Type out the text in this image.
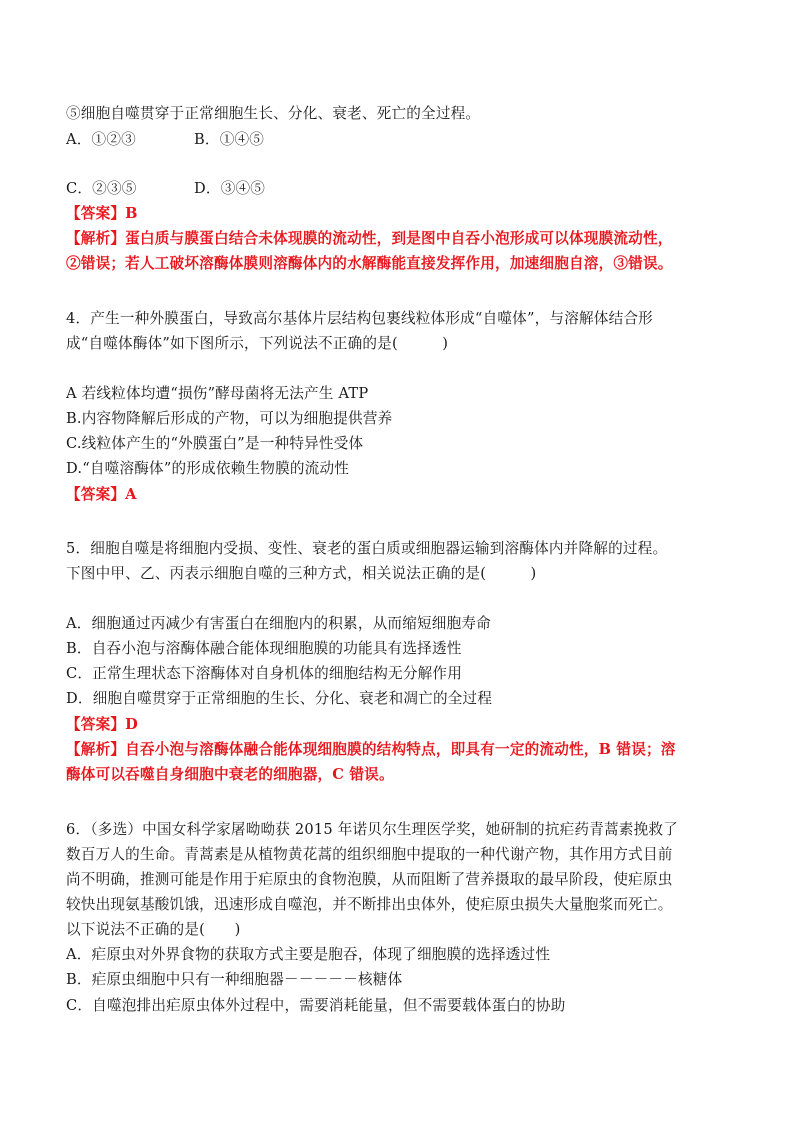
⑤细胞自噬贯穿于正常细胞生长、分化、衰老、死亡的全过程。
A．①②③	B．①④⑤
C．②③⑤	D．③④⑤
【答案】B
【解析】蛋白质与膜蛋白结合未体现膜的流动性，到是图中自吞小泡形成可以体现膜流动性，
②错误；若人工破坏溶酶体膜则溶酶体内的水解酶能直接发挥作用，加速细胞自溶，③错误。
4．产生一种外膜蛋白，导致高尔基体片层结构包裹线粒体形成“自噬体”，与溶解体结合形
成“自噬体酶体”如下图所示，下列说法不正确的是(　　　)
A 若线粒体均遭“损伤”酵母菌将无法产生 ATP
B.内容物降解后形成的产物，可以为细胞提供营养
C.线粒体产生的“外膜蛋白”是一种特异性受体
D.“自噬溶酶体”的形成依赖生物膜的流动性
【答案】A
5．细胞自噬是将细胞内受损、变性、衰老的蛋白质或细胞器运输到溶酶体内并降解的过程。
下图中甲、乙、丙表示细胞自噬的三种方式，相关说法正确的是(　　　)
A．细胞通过丙减少有害蛋白在细胞内的积累，从而缩短细胞寿命
B．自吞小泡与溶酶体融合能体现细胞膜的功能具有选择透性
C．正常生理状态下溶酶体对自身机体的细胞结构无分解作用
D．细胞自噬贯穿于正常细胞的生长、分化、衰老和凋亡的全过程
【答案】D
【解析】自吞小泡与溶酶体融合能体现细胞膜的结构特点，即具有一定的流动性，B 错误；溶
酶体可以吞噬自身细胞中衰老的细胞器，C 错误。
6．（多选）中国女科学家屠呦呦获 2015 年诺贝尔生理医学奖，她研制的抗疟药青蒿素挽救了
数百万人的生命。青蒿素是从植物黄花蒿的组织细胞中提取的一种代谢产物，其作用方式目前
尚不明确，推测可能是作用于疟原虫的食物泡膜，从而阻断了营养摄取的最早阶段，使疟原虫
较快出现氨基酸饥饿，迅速形成自噬泡，并不断排出虫体外，使疟原虫损失大量胞浆而死亡。
以下说法不正确的是(　　)
A．疟原虫对外界食物的获取方式主要是胞吞，体现了细胞膜的选择透过性
B．疟原虫细胞中只有一种细胞器－－－－－核糖体
C．自噬泡排出疟原虫体外过程中，需要消耗能量，但不需要载体蛋白的协助
